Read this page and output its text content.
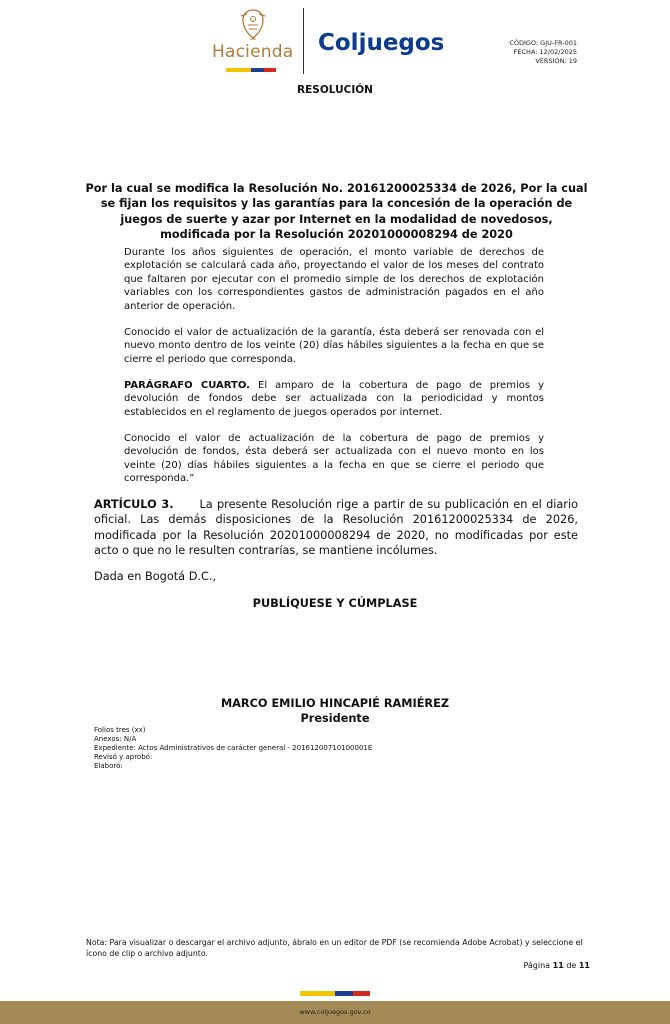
Hacienda Coljuegos	CÓDIGO: GJU-FR-001
FECHA: 12/02/2025
VERSIÓN: 19
RESOLUCIÓN
Por la cual se modifica la Resolución No. 20161200025334 de 2026, Por la cual se fijan los requisitos y las garantías para la concesión de la operación de juegos de suerte y azar por Internet en la modalidad de novedosos, modificada por la Resolución 20201000008294 de 2020
Durante los años siguientes de operación, el monto variable de derechos de explotación se calculará cada año, proyectando el valor de los meses del contrato que faltaren por ejecutar con el promedio simple de los derechos de explotación variables con los correspondientes gastos de administración pagados en el año anterior de operación.
Conocido el valor de actualización de la garantía, ésta deberá ser renovada con el nuevo monto dentro de los veinte (20) días hábiles siguientes a la fecha en que se cierre el periodo que corresponda.
PARÁGRAFO CUARTO. El amparo de la cobertura de pago de premios y devolución de fondos debe ser actualizada con la periodicidad y montos establecidos en el reglamento de juegos operados por internet.
Conocido el valor de actualización de la cobertura de pago de premios y devolución de fondos, ésta deberá ser actualizada con el nuevo monto en los veinte (20) días hábiles siguientes a la fecha en que se cierre el periodo que corresponda.”
ARTÍCULO 3. La presente Resolución rige a partir de su publicación en el diario oficial. Las demás disposiciones de la Resolución 20161200025334 de 2026, modificada por la Resolución 20201000008294 de 2020, no modificadas por este acto o que no le resulten contrarías, se mantiene incólumes.
Dada en Bogotá D.C.,
PUBLÍQUESE Y CÚMPLASE
MARCO EMILIO HINCAPIÉ RAMIÉREZ
Presidente
Folios tres (xx)
Anexos: N/A
Expediente: Actos Administrativos de carácter general - 20161200710100001E
Revisó y aprobó:
Elaboró:
Nota: Para visualizar o descargar el archivo adjunto, ábralo en un editor de PDF (se recomienda Adobe Acrobat) y seleccione el ícono de clip o archivo adjunto.
Página 11 de 11
www.coljuegos.gov.co
